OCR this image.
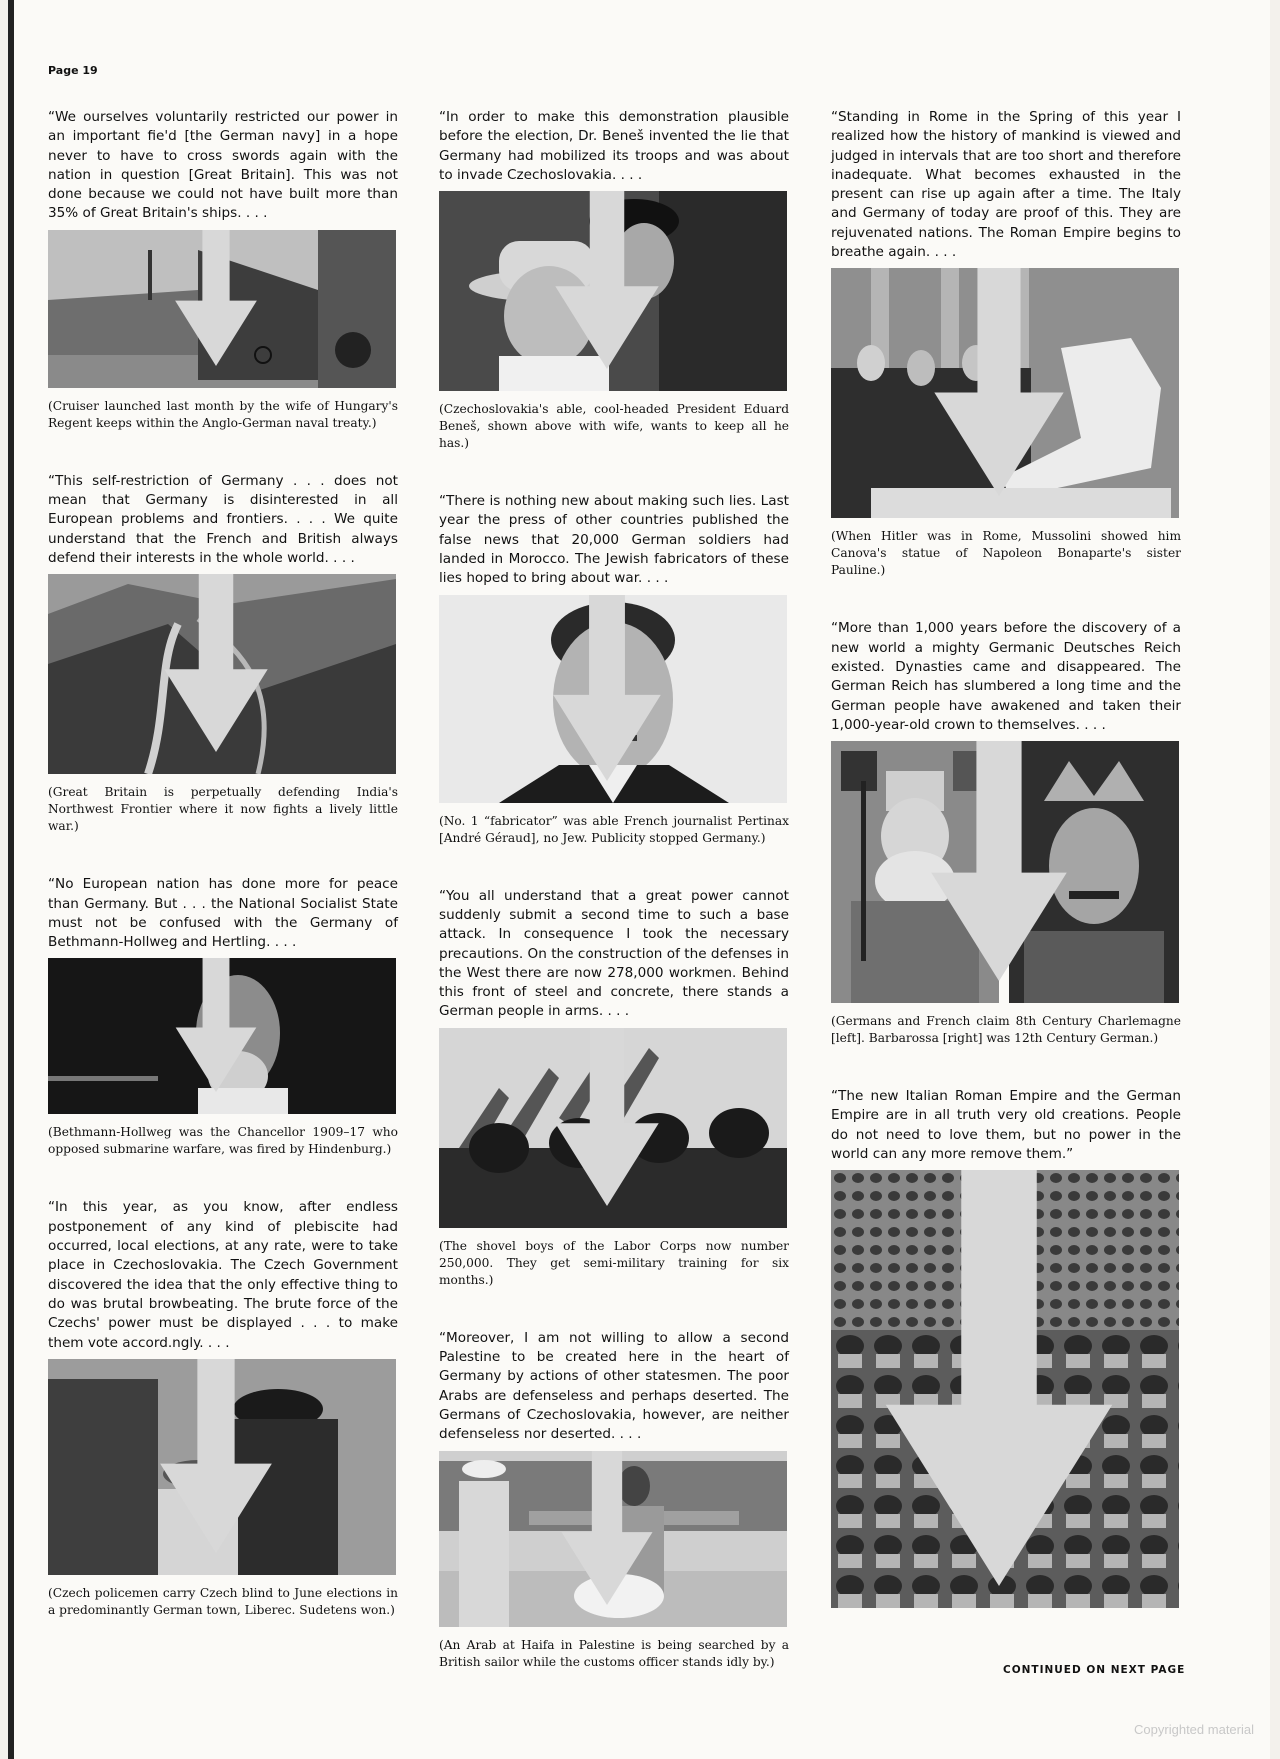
Page 19

“We ourselves voluntarily restricted our power in an important fie'd [the German navy] in a hope never to have to cross swords again with the nation in question [Great Britain]. This was not done because we could not have built more than 35% of Great Britain's ships. . . .

(Cruiser launched last month by the wife of Hungary's Regent keeps within the Anglo-German naval treaty.)

“This self-restriction of Germany . . . does not mean that Germany is disinterested in all European problems and frontiers. . . . We quite understand that the French and British always defend their interests in the whole world. . . .

(Great Britain is perpetually defending India's Northwest Frontier where it now fights a lively little war.)

“No European nation has done more for peace than Germany. But . . . the National Socialist State must not be confused with the Germany of Bethmann-Hollweg and Hertling. . . .

(Bethmann-Hollweg was the Chancellor 1909–17 who opposed submarine warfare, was fired by Hindenburg.)

“In this year, as you know, after endless postponement of any kind of plebiscite had occurred, local elections, at any rate, were to take place in Czechoslovakia. The Czech Government discovered the idea that the only effective thing to do was brutal browbeating. The brute force of the Czechs' power must be displayed . . . to make them vote accord.ngly. . . .

(Czech policemen carry Czech blind to June elections in a predominantly German town, Liberec. Sudetens won.)

“In order to make this demonstration plausible before the election, Dr. Beneš invented the lie that Germany had mobilized its troops and was about to invade Czechoslovakia. . . .

(Czechoslovakia's able, cool-headed President Eduard Beneš, shown above with wife, wants to keep all he has.)

“There is nothing new about making such lies. Last year the press of other countries published the false news that 20,000 German soldiers had landed in Morocco. The Jewish fabricators of these lies hoped to bring about war. . . .

(No. 1 “fabricator” was able French journalist Pertinax [André Géraud], no Jew. Publicity stopped Germany.)

“You all understand that a great power cannot suddenly submit a second time to such a base attack. In consequence I took the necessary precautions. On the construction of the defenses in the West there are now 278,000 workmen. Behind this front of steel and concrete, there stands a German people in arms. . . .

(The shovel boys of the Labor Corps now number 250,000. They get semi-military training for six months.)

“Moreover, I am not willing to allow a second Palestine to be created here in the heart of Germany by actions of other statesmen. The poor Arabs are defenseless and perhaps deserted. The Germans of Czechoslovakia, however, are neither defenseless nor deserted. . . .

(An Arab at Haifa in Palestine is being searched by a British sailor while the customs officer stands idly by.)

“Standing in Rome in the Spring of this year I realized how the history of mankind is viewed and judged in intervals that are too short and therefore inadequate. What becomes exhausted in the present can rise up again after a time. The Italy and Germany of today are proof of this. They are rejuvenated nations. The Roman Empire begins to breathe again. . . .

(When Hitler was in Rome, Mussolini showed him Canova's statue of Napoleon Bonaparte's sister Pauline.)

“More than 1,000 years before the discovery of a new world a mighty Germanic Deutsches Reich existed. Dynasties came and disappeared. The German Reich has slumbered a long time and the German people have awakened and taken their 1,000-year-old crown to themselves. . . .

(Germans and French claim 8th Century Charlemagne [left]. Barbarossa [right] was 12th Century German.)

“The new Italian Roman Empire and the German Empire are in all truth very old creations. People do not need to love them, but no power in the world can any more remove them.”

CONTINUED ON NEXT PAGE
Copyrighted material
